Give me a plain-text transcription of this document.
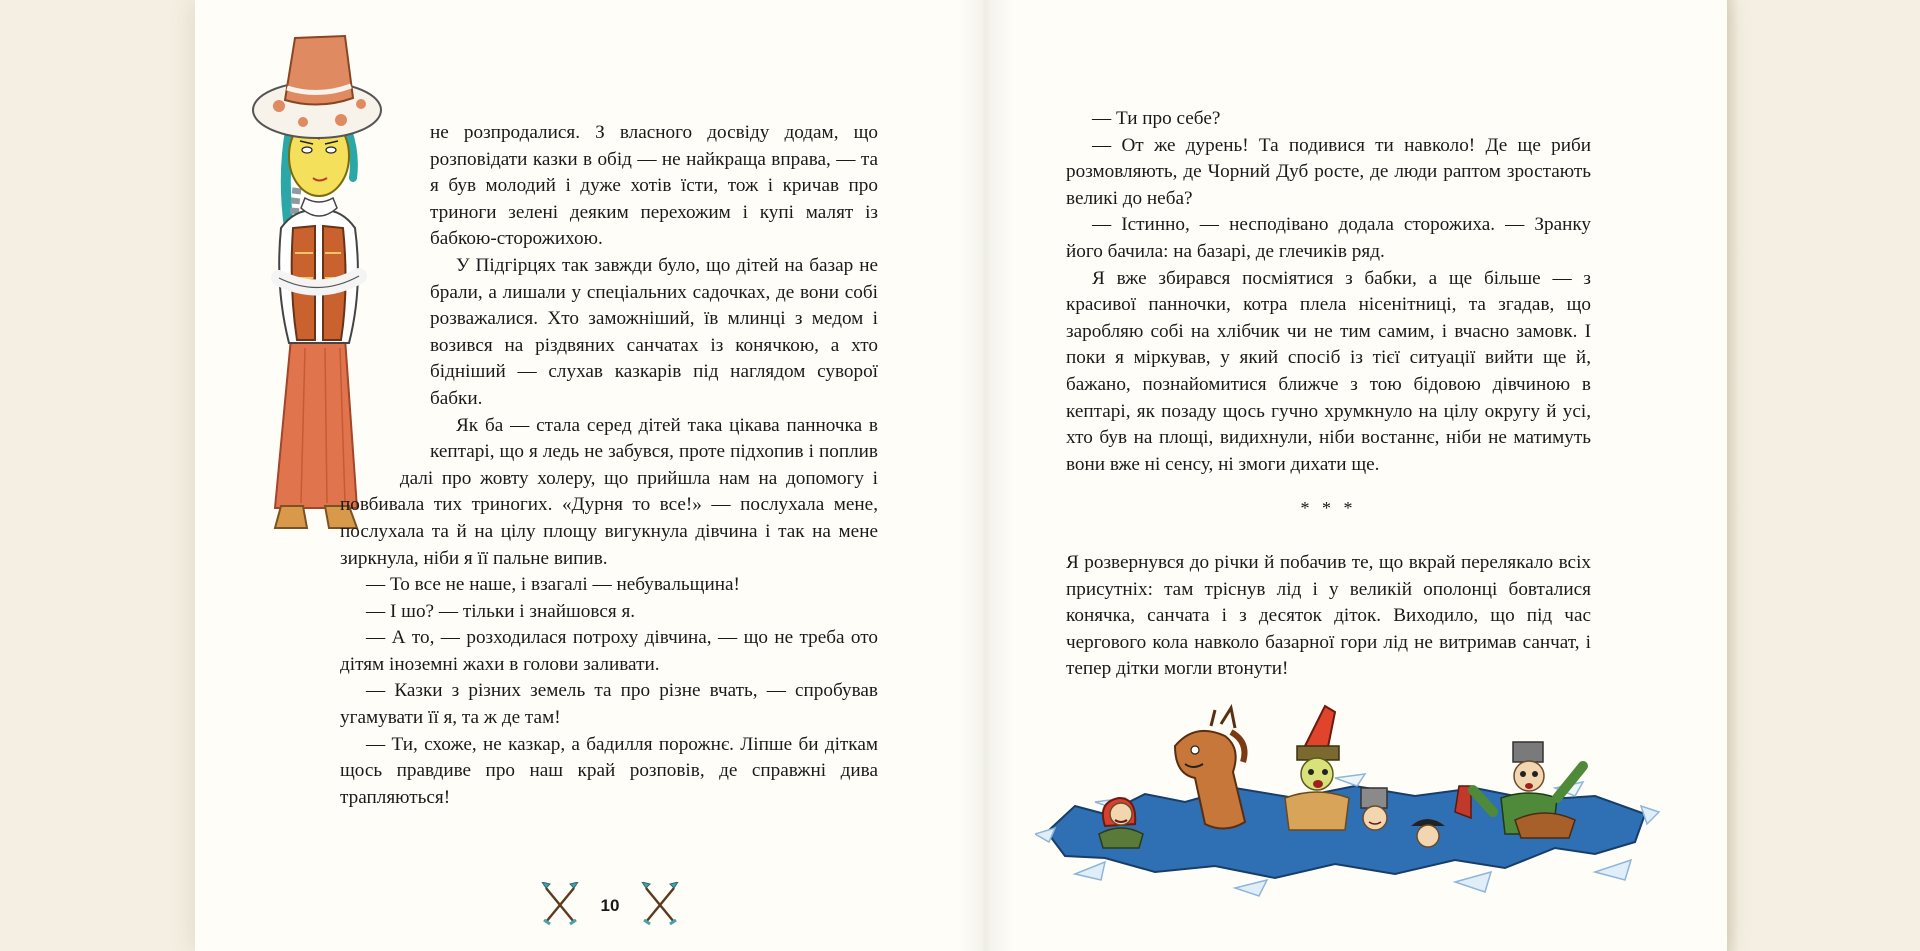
не розпродалися. З власного досвіду додам, що розповідати казки в обід — не найкраща вправа, — та я був молодий і дуже хотів їсти, тож і кричав про триноги зелені деяким перехожим і купі малят із бабкою-сторожихою.

У Підгірцях так завжди було, що дітей на базар не брали, а лишали у спеціальних садочках, де вони собі розважалися. Хто заможніший, їв млинці з медом і возився на різдвяних санчатах із конячкою, а хто бідніший — слухав казкарів під наглядом суворої бабки.

Як ба — стала серед дітей така цікава панночка в кептарі, що я ледь не забувся, проте підхопив і поплив далі про жовту холеру, що прийшла нам на допомогу і повбивала тих триногих. «Дурня то все!» — послухала мене, послухала та й на цілу площу вигукнула дівчина і так на мене зиркнула, ніби я її пальне випив.

— То все не наше, і взагалі — небувальщина!

— І шо? — тільки і знайшовся я.

— А то, — розходилася потроху дівчина, — що не треба ото дітям іноземні жахи в голови заливати.

— Казки з різних земель та про різне вчать, — спробував угамувати її я, та ж де там!

— Ти, схоже, не казкар, а бадилля порожнє. Ліпше би діткам щось правдиве про наш край розповів, де справжні дива трапляються!

10

— Ти про себе?

— От же дурень! Та подивися ти навколо! Де ще риби розмовляють, де Чорний Дуб росте, де люди раптом зростають великі до неба?

— Істинно, — несподівано додала сторожиха. — Зранку його бачила: на базарі, де глечиків ряд.

Я вже збирався посміятися з бабки, а ще більше — з красивої панночки, котра плела нісенітниці, та згадав, що заробляю собі на хлібчик чи не тим самим, і вчасно замовк. І поки я міркував, у який спосіб із тієї ситуації вийти ще й, бажано, познайомитися ближче з тою бідовою дівчиною в кептарі, як позаду щось гучно хрумкнуло на цілу округу й усі, хто був на площі, видихнули, ніби востаннє, ніби не матимуть вони вже ні сенсу, ні змоги дихати ще.

* * *

Я розвернувся до річки й побачив те, що вкрай перелякало всіх присутніх: там тріснув лід і у великій ополонці бовталися конячка, санчата і з десяток діток. Виходило, що під час чергового кола навколо базарної гори лід не витримав санчат, і тепер дітки могли втонути!
